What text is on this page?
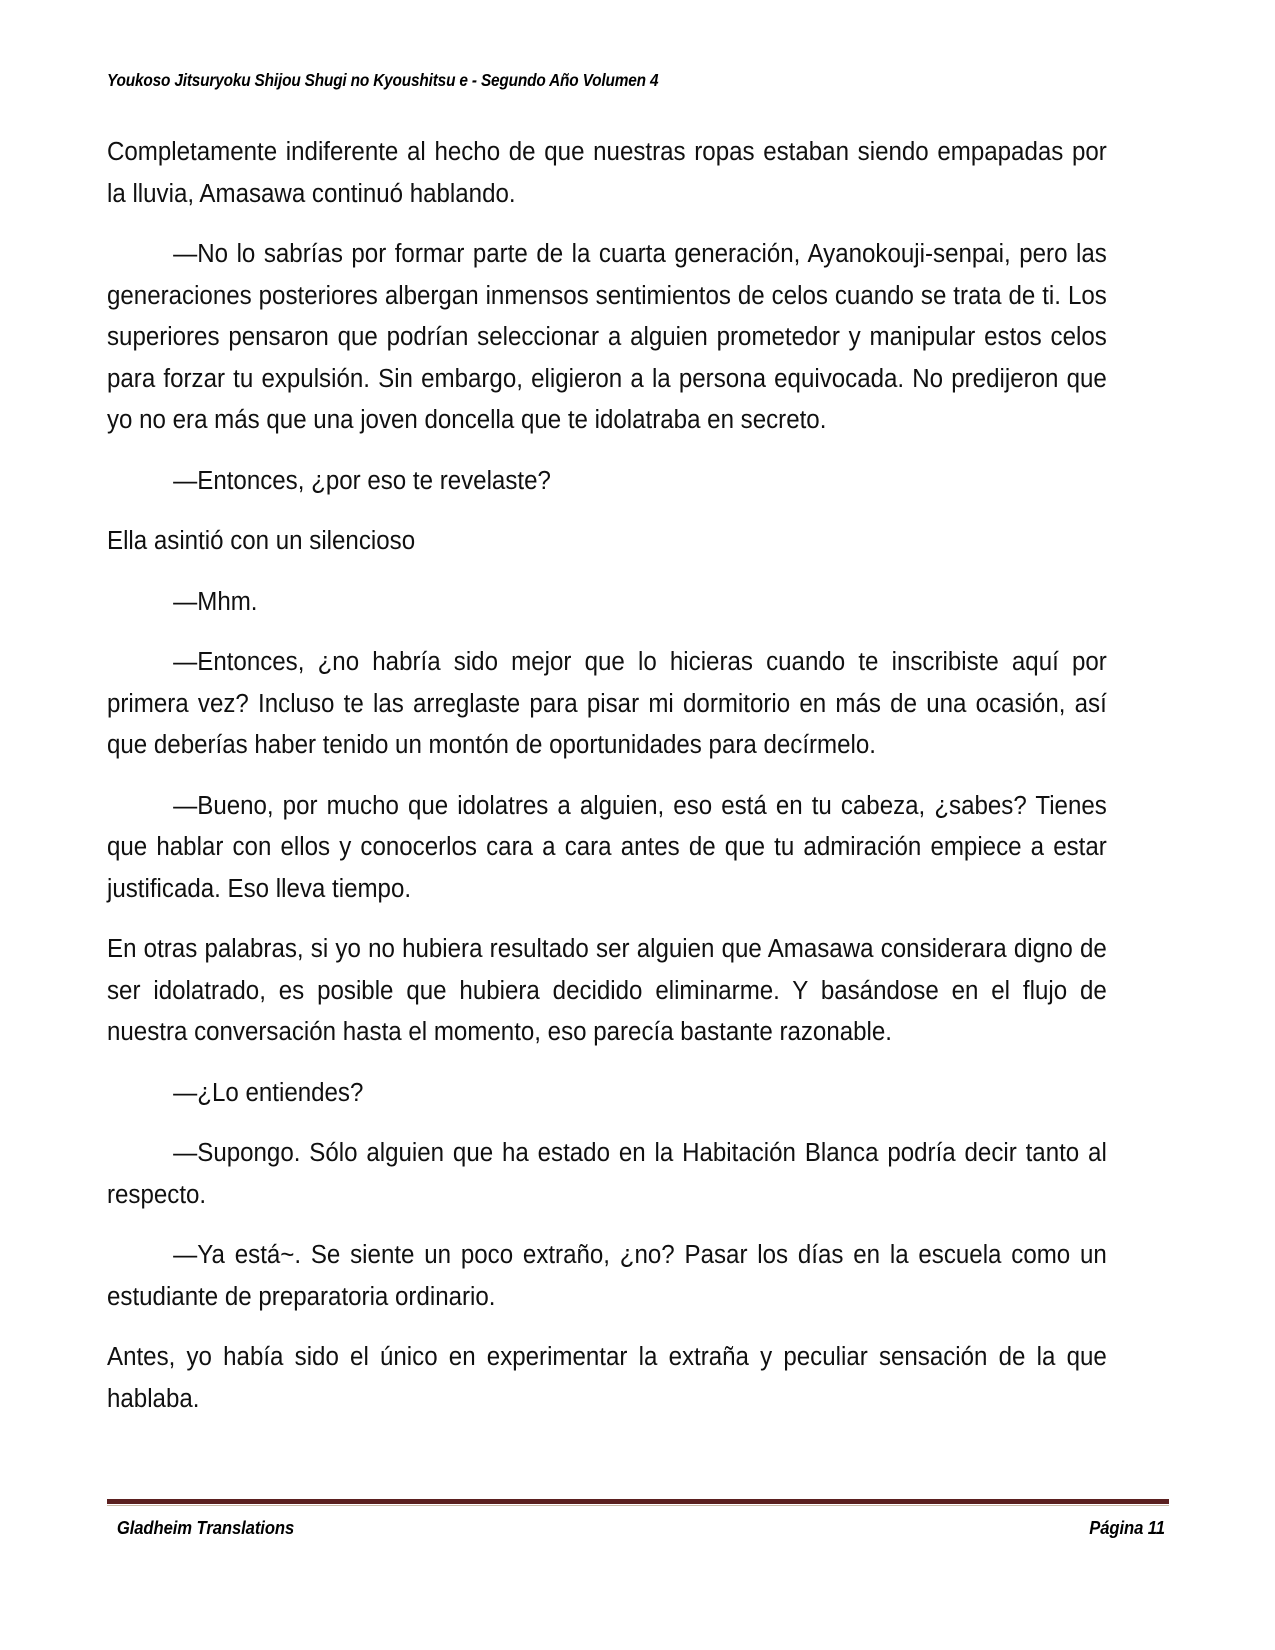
Youkoso Jitsuryoku Shijou Shugi no Kyoushitsu e - Segundo Año Volumen 4

Completamente indiferente al hecho de que nuestras ropas estaban siendo empapadas por la lluvia, Amasawa continuó hablando.

—No lo sabrías por formar parte de la cuarta generación, Ayanokouji-senpai, pero las generaciones posteriores albergan inmensos sentimientos de celos cuando se trata de ti. Los superiores pensaron que podrían seleccionar a alguien prometedor y manipular estos celos para forzar tu expulsión. Sin embargo, eligieron a la persona equivocada. No predijeron que yo no era más que una joven doncella que te idolatraba en secreto.

—Entonces, ¿por eso te revelaste?

Ella asintió con un silencioso

—Mhm.

—Entonces, ¿no habría sido mejor que lo hicieras cuando te inscribiste aquí por primera vez? Incluso te las arreglaste para pisar mi dormitorio en más de una ocasión, así que deberías haber tenido un montón de oportunidades para decírmelo.

—Bueno, por mucho que idolatres a alguien, eso está en tu cabeza, ¿sabes? Tienes que hablar con ellos y conocerlos cara a cara antes de que tu admiración empiece a estar justificada. Eso lleva tiempo.

En otras palabras, si yo no hubiera resultado ser alguien que Amasawa considerara digno de ser idolatrado, es posible que hubiera decidido eliminarme. Y basándose en el flujo de nuestra conversación hasta el momento, eso parecía bastante razonable.

—¿Lo entiendes?

—Supongo. Sólo alguien que ha estado en la Habitación Blanca podría decir tanto al respecto.

—Ya está~. Se siente un poco extraño, ¿no? Pasar los días en la escuela como un estudiante de preparatoria ordinario.

Antes, yo había sido el único en experimentar la extraña y peculiar sensación de la que hablaba.

Gladheim Translations	Página 11
